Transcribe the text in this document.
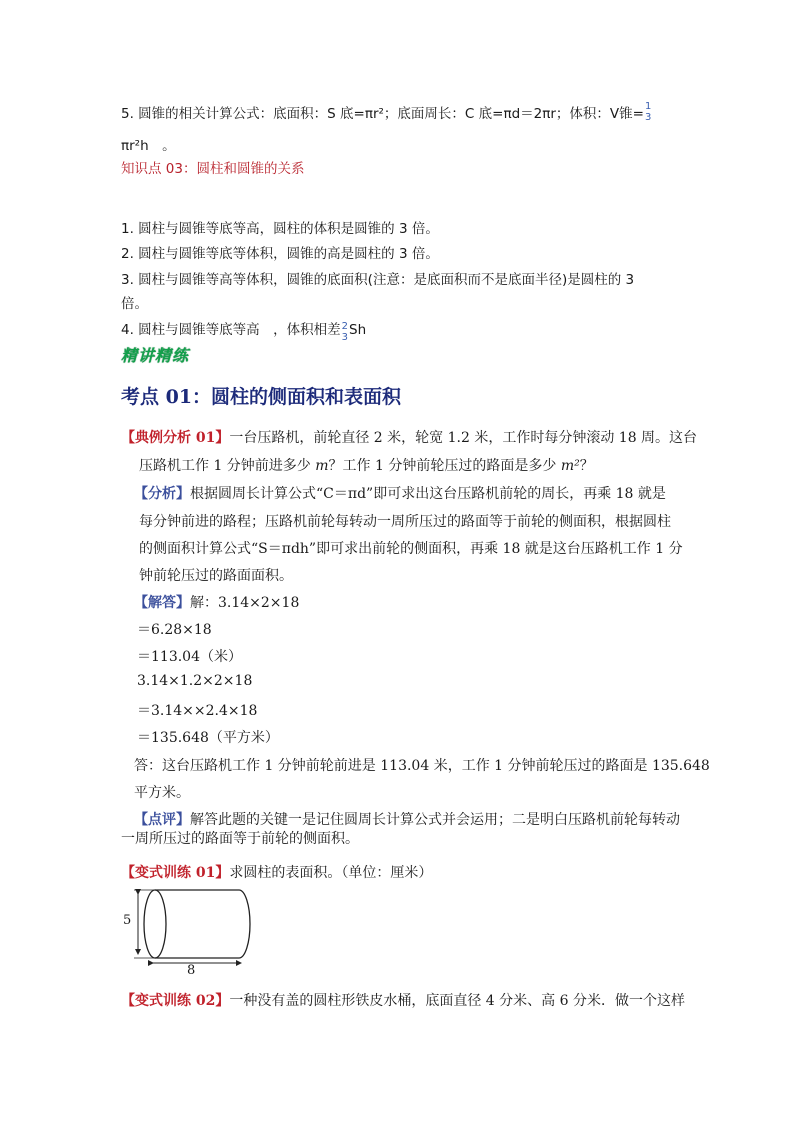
5. 圆锥的相关计算公式：底面积：S 底=πr²；底面周长：C 底=πd＝2πr；体积：V锥= 1
3
πr²h　。
知识点 03：圆柱和圆锥的关系
1. 圆柱与圆锥等底等高，圆柱的体积是圆锥的 3 倍。
2. 圆柱与圆锥等底等体积，圆锥的高是圆柱的 3 倍。
3. 圆柱与圆锥等高等体积，圆锥的底面积(注意：是底面积而不是底面半径)是圆柱的 3
倍。
4. 圆柱与圆锥等底等高　，体积相差 2
3 Sh
精讲精练
考点 01：圆柱的侧面积和表面积
【典例分析 01】一台压路机，前轮直径 2 米，轮宽 1.2 米，工作时每分钟滚动 18 周。这台
压路机工作 1 分钟前进多少 m？工作 1 分钟前轮压过的路面是多少 m²？
【分析】根据圆周长计算公式“C＝πd”即可求出这台压路机前轮的周长，再乘 18 就是
每分钟前进的路程；压路机前轮每转动一周所压过的路面等于前轮的侧面积，根据圆柱
的侧面积计算公式“S＝πdh”即可求出前轮的侧面积，再乘 18 就是这台压路机工作 1 分
钟前轮压过的路面面积。
【解答】解：3.14×2×18
＝6.28×18
＝113.04（米）
3.14×1.2×2×18
＝3.14××2.4×18
＝135.648（平方米）
答：这台压路机工作 1 分钟前轮前进是 113.04 米，工作 1 分钟前轮压过的路面是 135.648
平方米。
【点评】解答此题的关键一是记住圆周长计算公式并会运用；二是明白压路机前轮每转动
一周所压过的路面等于前轮的侧面积。
【变式训练 01】求圆柱的表面积。（单位：厘米）
5
8
【变式训练 02】一种没有盖的圆柱形铁皮水桶，底面直径 4 分米、高 6 分米．做一个这样
